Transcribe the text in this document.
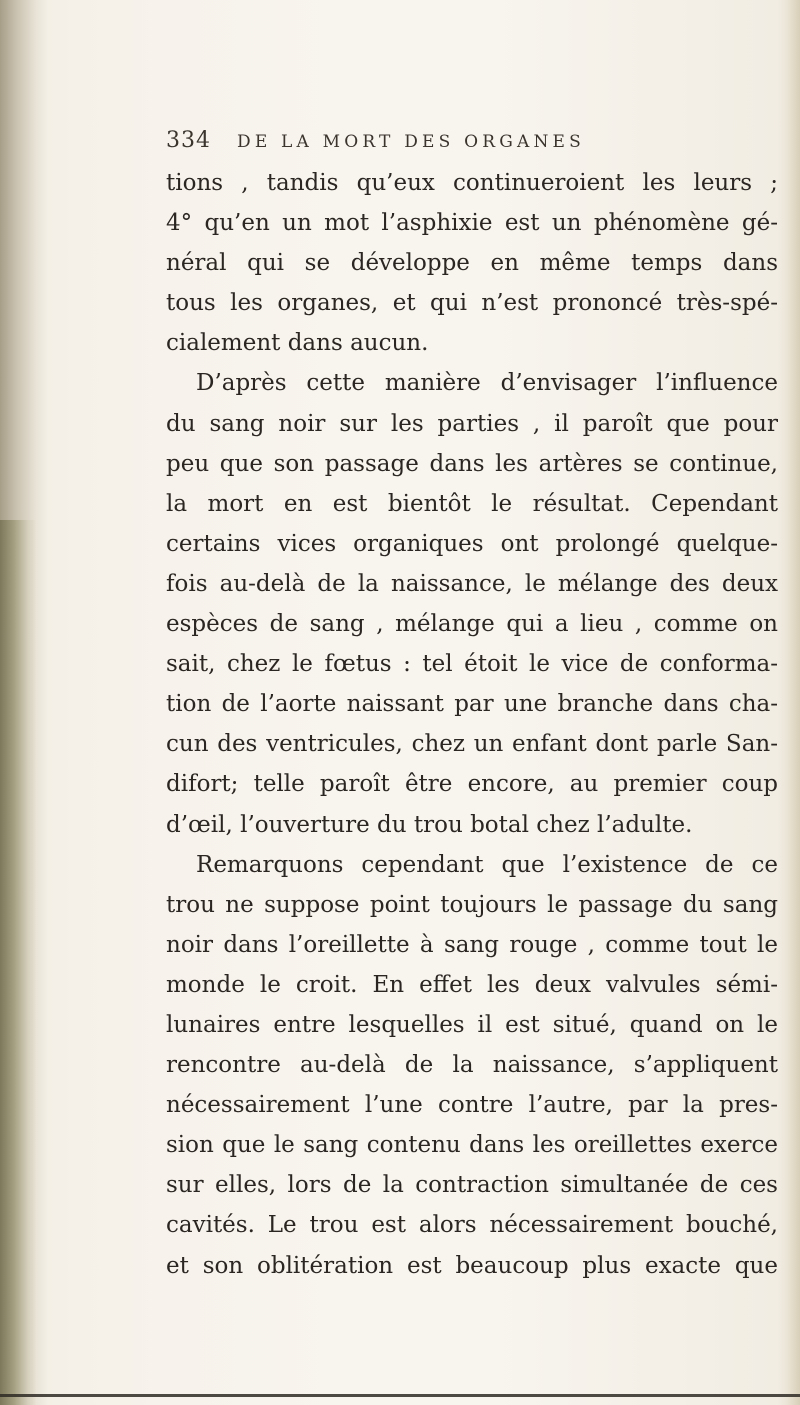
334 DE LA MORT DES ORGANES
tions , tandis qu’eux continueroient les leurs ;
4° qu’en un mot l’asphixie est un phénomène gé-
néral qui se développe en même temps dans
tous les organes, et qui n’est prononcé très-spé-
cialement dans aucun.
D’après cette manière d’envisager l’influence
du sang noir sur les parties , il paroît que pour
peu que son passage dans les artères se continue,
la mort en est bientôt le résultat. Cependant
certains vices organiques ont prolongé quelque-
fois au-delà de la naissance, le mélange des deux
espèces de sang , mélange qui a lieu , comme on
sait, chez le fœtus : tel étoit le vice de conforma-
tion de l’aorte naissant par une branche dans cha-
cun des ventricules, chez un enfant dont parle San-
difort; telle paroît être encore, au premier coup
d’œil, l’ouverture du trou botal chez l’adulte.
Remarquons cependant que l’existence de ce
trou ne suppose point toujours le passage du sang
noir dans l’oreillette à sang rouge , comme tout le
monde le croit. En effet les deux valvules sémi-
lunaires entre lesquelles il est situé, quand on le
rencontre au-delà de la naissance, s’appliquent
nécessairement l’une contre l’autre, par la pres-
sion que le sang contenu dans les oreillettes exerce
sur elles, lors de la contraction simultanée de ces
cavités. Le trou est alors nécessairement bouché,
et son oblitération est beaucoup plus exacte que
